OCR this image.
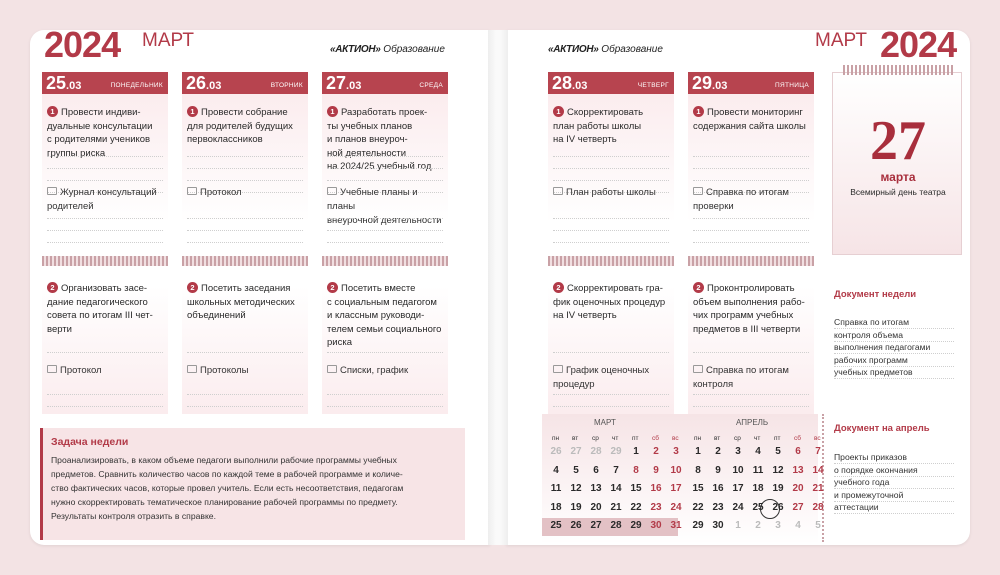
2024 МАРТ	«АКТИОН» Образование	«АКТИОН» Образование	МАРТ 2024
25.03	ПОНЕДЕЛЬНИК
1 Провести индиви-
дуальные консультации
с родителями учеников
группы риска
Журнал консультаций
родителей
2 Организовать засе-
дание педагогического
совета по итогам III чет-
верти
Протокол
26.03	ВТОРНИК
1 Провести собрание
для родителей будущих
первоклассников
Протокол
2 Посетить заседания
школьных методических
объединений
Протоколы
27.03	СРЕДА
1 Разработать проек-
ты учебных планов
и планов внеуроч-
ной деятельности
на 2024/25 учебный год
Учебные планы и планы
внеурочной деятельности
2 Посетить вместе
с социальным педагогом
и классным руководи-
телем семьи социального
риска
Списки, график
28.03	ЧЕТВЕРГ
1 Скорректировать
план работы школы
на IV четверть
План работы школы
2 Скорректировать гра-
фик оценочных процедур
на IV четверть
График оценочных
процедур
29.03	ПЯТНИЦА
1 Провести мониторинг
содержания сайта школы
Справка по итогам
проверки
2 Проконтролировать
объем выполнения рабо-
чих программ учебных
предметов в III четверти
Справка по итогам
контроля
Задача недели

Проанализировать, в каком объеме педагоги выполнили рабочие программы учебных
предметов. Сравнить количество часов по каждой теме в рабочей программе и количе-
ство фактических часов, которые провел учитель. Если есть несоответствия, педагогам
нужно скорректировать тематическое планирование рабочей программы по предмету.
Результаты контроля отразить в справке.

27
марта
Всемирный день театра
Документ недели
Справка по итогам
контроля объема
выполнения педагогами
рабочих программ
учебных предметов
Документ на апрель
Проекты приказов
о порядке окончания
учебного года
и промежуточной
аттестации
МАРТ
пн вт ср чт пт сб вс
26 27 28 29	1	2	3
4	5	6	7	8	9	10
11 12 13 14 15 16 17
18 19 20 21 22 23 24
25 26 27 28 29 30 31
АПРЕЛЬ
пн вт ср чт пт сб вс
1	2	3	4	5	6	7
8	9	10 11 12 13 14
15 16 17 18 19 20 21
22 23 24 25 26 27 28
29 30	1	2	3	4	5
